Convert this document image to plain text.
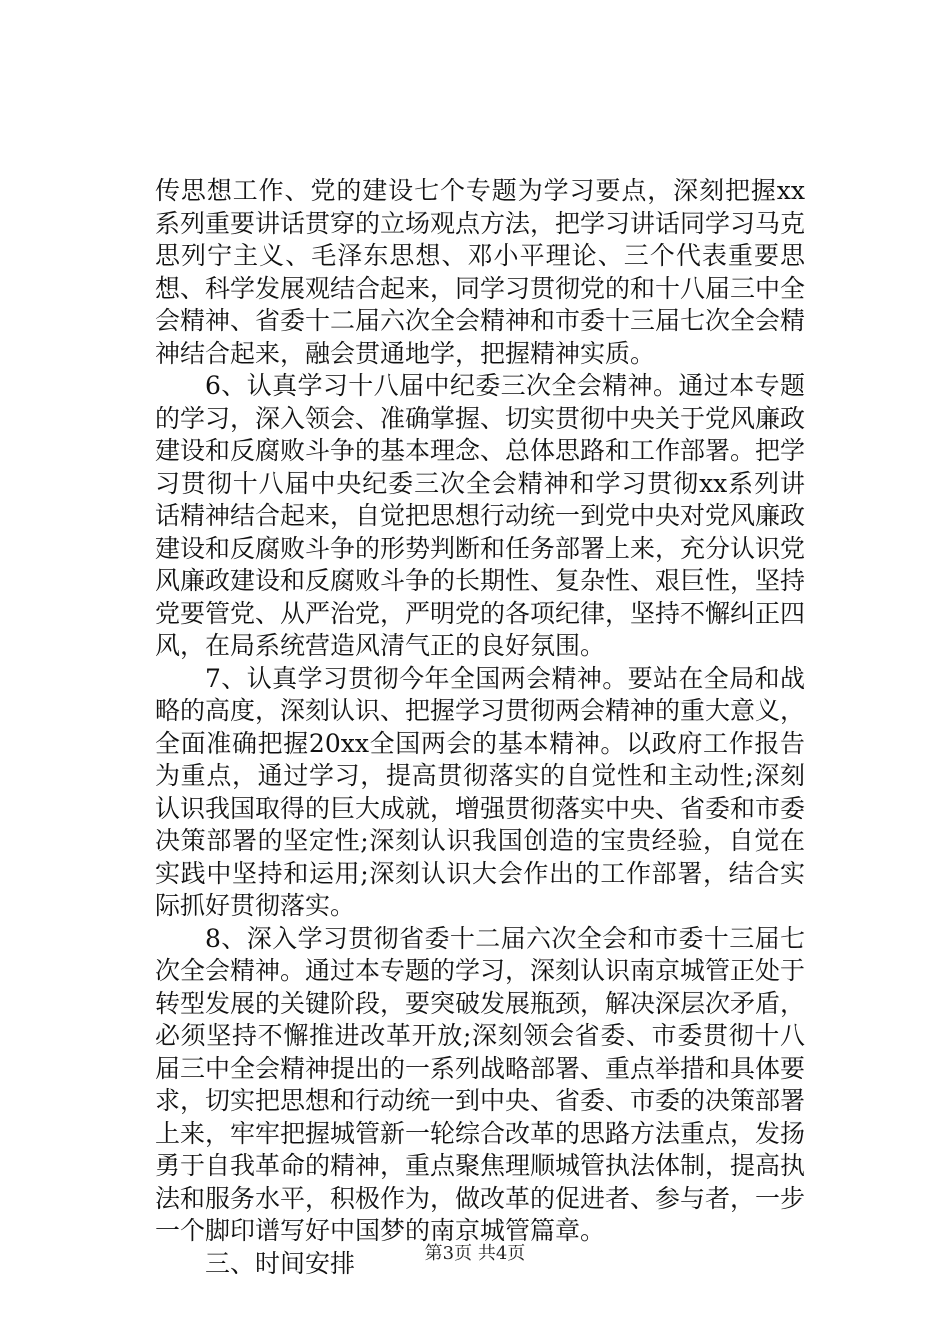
传思想工作、党的建设七个专题为学习要点，深刻把握xx系列重要讲话贯穿的立场观点方法，把学习讲话同学习马克思列宁主义、毛泽东思想、邓小平理论、三个代表重要思想、科学发展观结合起来，同学习贯彻党的和十八届三中全会精神、省委十二届六次全会精神和市委十三届七次全会精神结合起来，融会贯通地学，把握精神实质。

6、认真学习十八届中纪委三次全会精神。通过本专题的学习，深入领会、准确掌握、切实贯彻中央关于党风廉政建设和反腐败斗争的基本理念、总体思路和工作部署。把学习贯彻十八届中央纪委三次全会精神和学习贯彻xx系列讲话精神结合起来，自觉把思想行动统一到党中央对党风廉政建设和反腐败斗争的形势判断和任务部署上来，充分认识党风廉政建设和反腐败斗争的长期性、复杂性、艰巨性，坚持党要管党、从严治党，严明党的各项纪律，坚持不懈纠正四风，在局系统营造风清气正的良好氛围。

7、认真学习贯彻今年全国两会精神。要站在全局和战略的高度，深刻认识、把握学习贯彻两会精神的重大意义，全面准确把握20xx全国两会的基本精神。以政府工作报告为重点，通过学习，提高贯彻落实的自觉性和主动性;深刻认识我国取得的巨大成就，增强贯彻落实中央、省委和市委决策部署的坚定性;深刻认识我国创造的宝贵经验，自觉在实践中坚持和运用;深刻认识大会作出的工作部署，结合实际抓好贯彻落实。

8、深入学习贯彻省委十二届六次全会和市委十三届七次全会精神。通过本专题的学习，深刻认识南京城管正处于转型发展的关键阶段，要突破发展瓶颈，解决深层次矛盾，必须坚持不懈推进改革开放;深刻领会省委、市委贯彻十八届三中全会精神提出的一系列战略部署、重点举措和具体要求，切实把思想和行动统一到中央、省委、市委的决策部署上来，牢牢把握城管新一轮综合改革的思路方法重点，发扬勇于自我革命的精神，重点聚焦理顺城管执法体制，提高执法和服务水平，积极作为，做改革的促进者、参与者，一步一个脚印谱写好中国梦的南京城管篇章。

三、时间安排	第3页 共4页
